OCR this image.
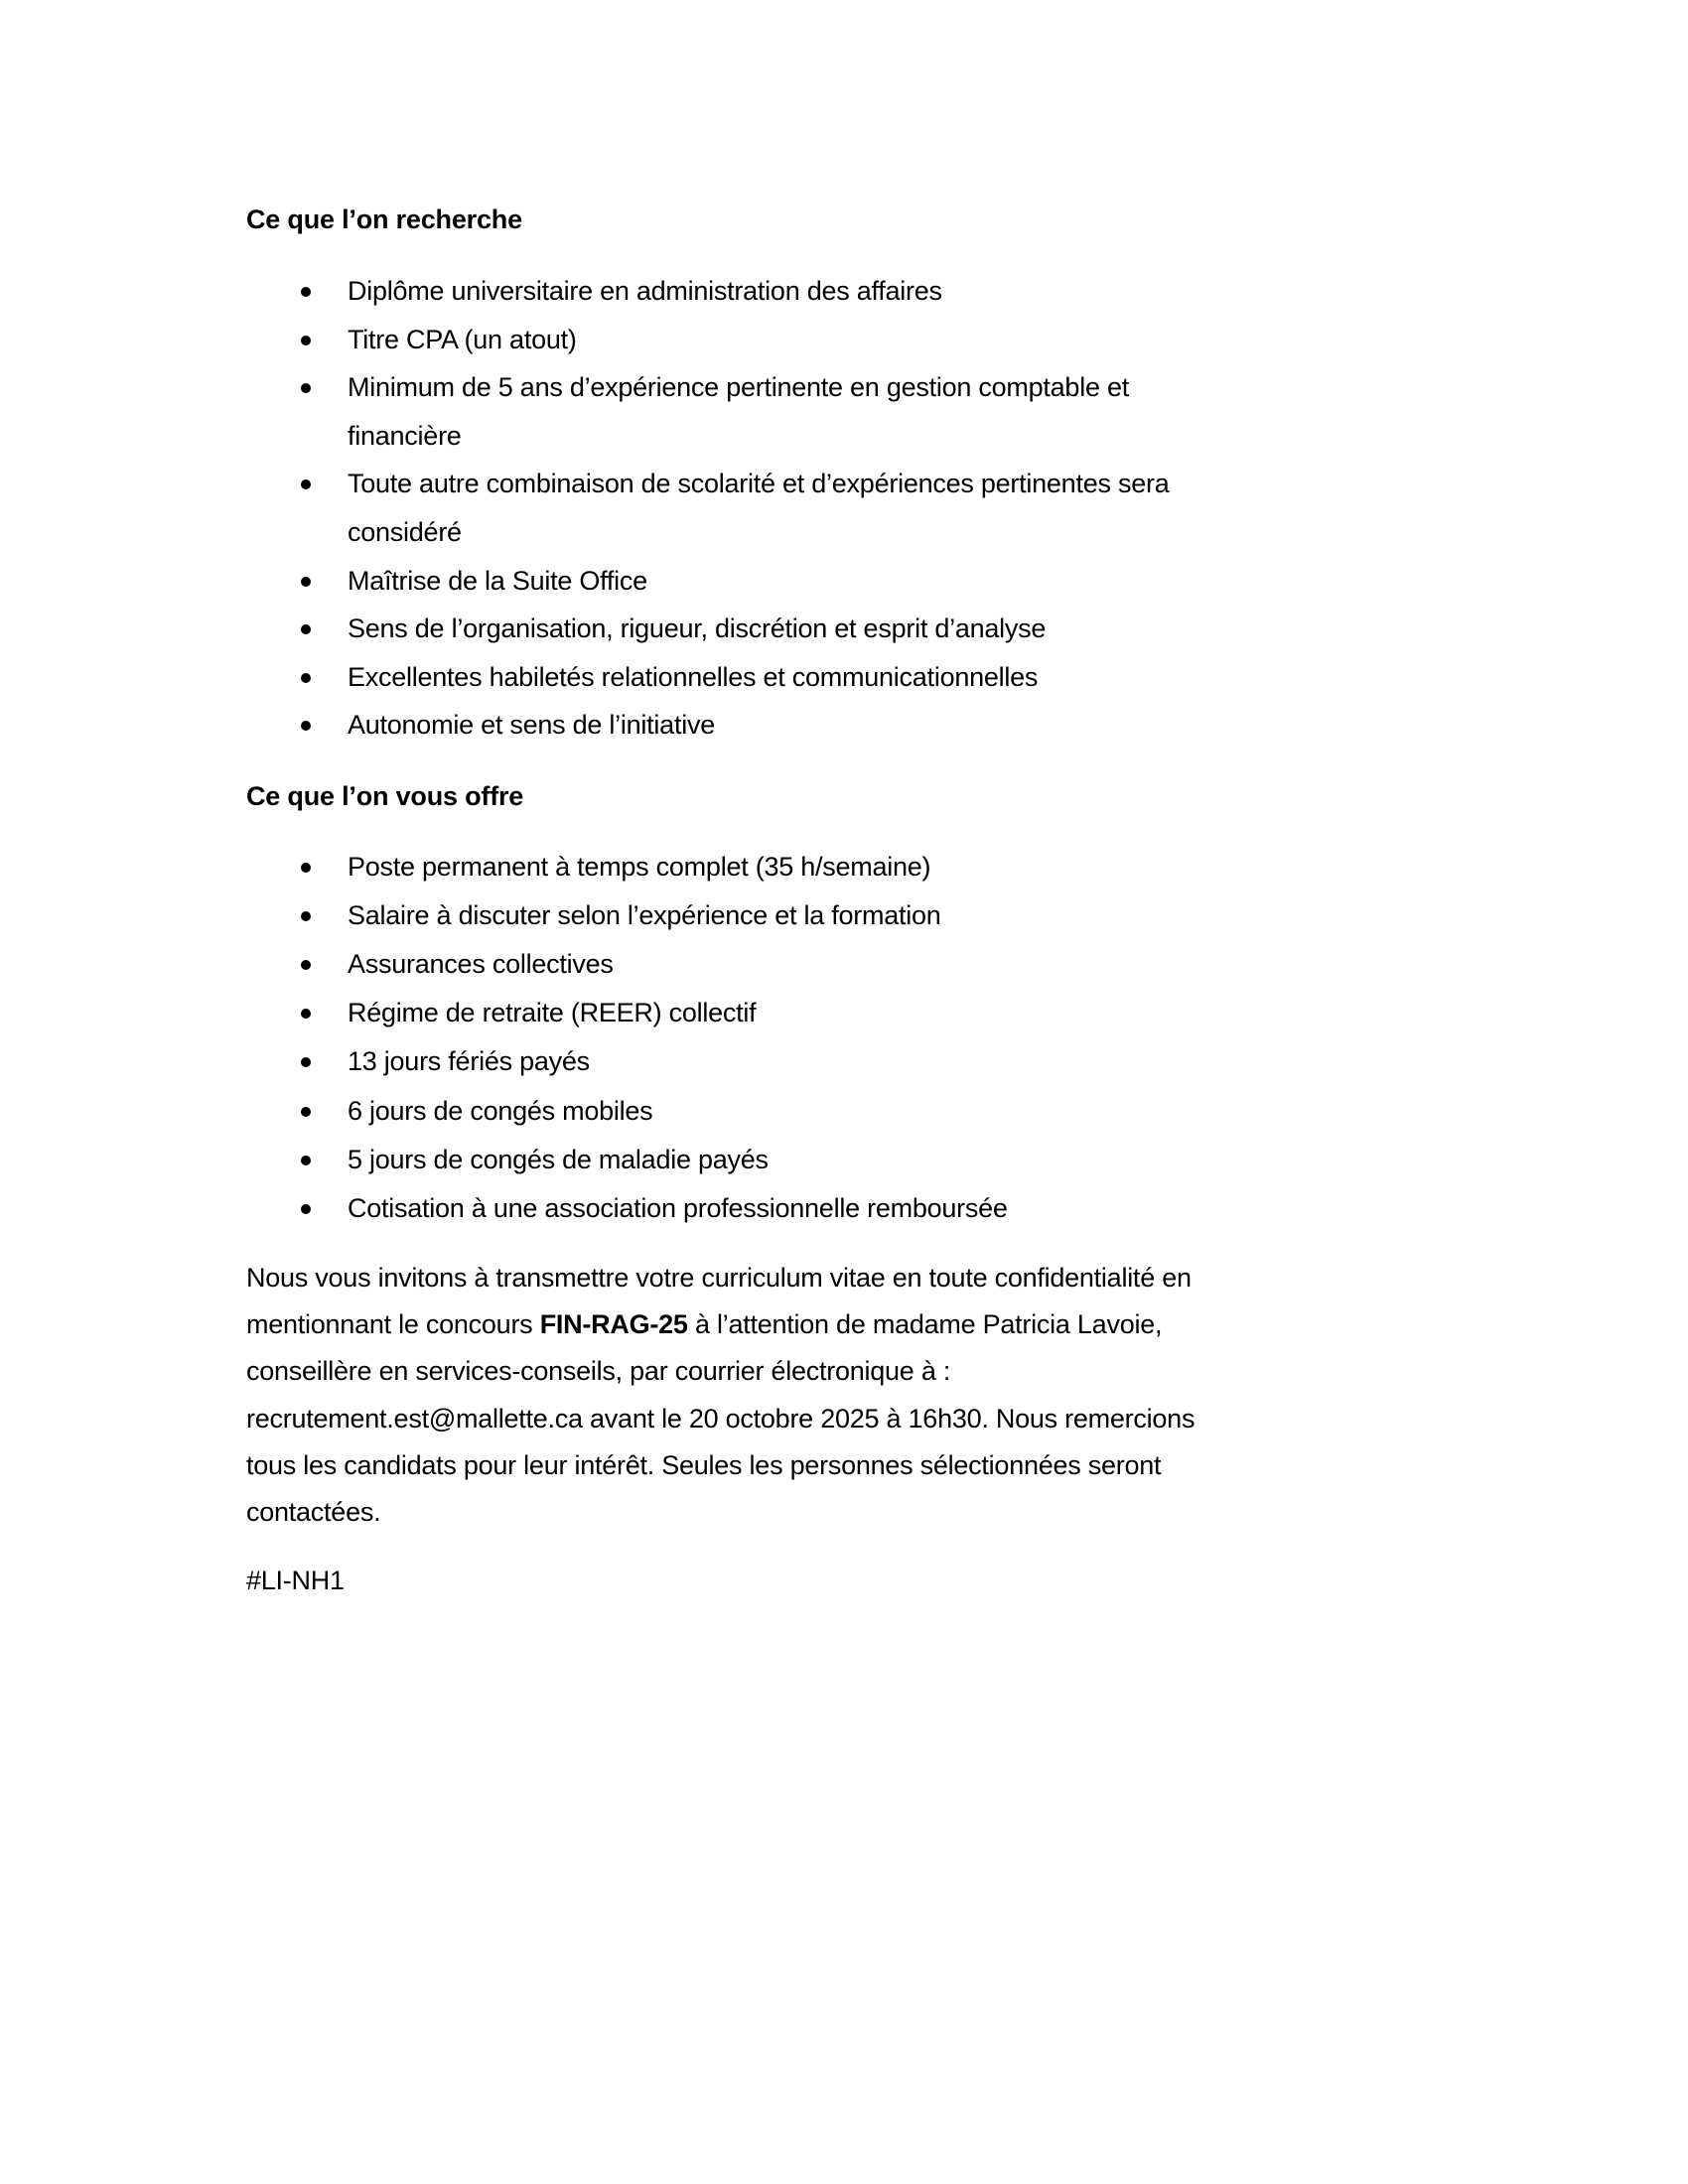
Ce que l’on recherche
Diplôme universitaire en administration des affaires
Titre CPA (un atout)
Minimum de 5 ans d’expérience pertinente en gestion comptable et
financière
Toute autre combinaison de scolarité et d’expériences pertinentes sera
considéré
Maîtrise de la Suite Office
Sens de l’organisation, rigueur, discrétion et esprit d’analyse
Excellentes habiletés relationnelles et communicationnelles
Autonomie et sens de l’initiative
Ce que l’on vous offre
Poste permanent à temps complet (35 h/semaine)
Salaire à discuter selon l’expérience et la formation
Assurances collectives
Régime de retraite (REER) collectif
13 jours fériés payés
6 jours de congés mobiles
5 jours de congés de maladie payés
Cotisation à une association professionnelle remboursée
Nous vous invitons à transmettre votre curriculum vitae en toute confidentialité en
mentionnant le concours FIN-RAG-25 à l’attention de madame Patricia Lavoie,
conseillère en services-conseils, par courrier électronique à :
recrutement.est@mallette.ca avant le 20 octobre 2025 à 16h30. Nous remercions
tous les candidats pour leur intérêt. Seules les personnes sélectionnées seront
contactées.
#LI-NH1
